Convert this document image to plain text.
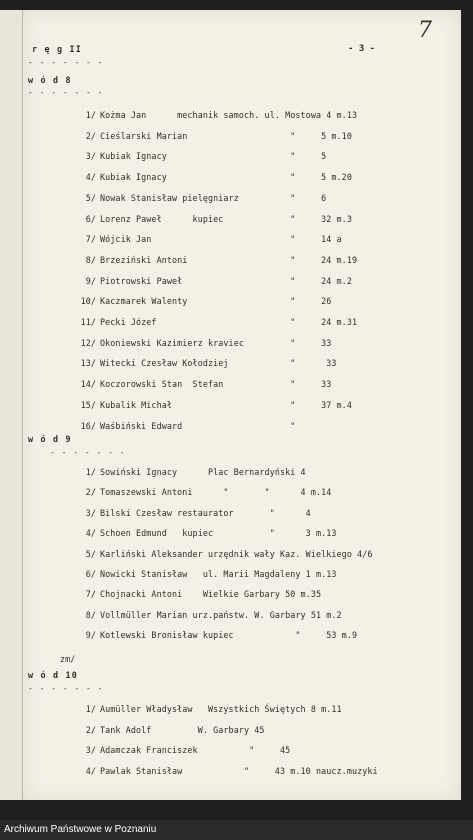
r ę g II	- 3 -
7
- - - - - - -
w ó d 8
- - - - - - -
1/ Kożma Jan      mechanik samoch. ul. Mostowa 4 m.13
2/ Cieślarski Marian                    "     5 m.10
3/ Kubiak Ignacy                        "     5
4/ Kubiak Ignacy                        "     5 m.20
5/ Nowak Stanisław pielęgniarz          "     6
6/ Lorenz Paweł      kupiec             "     32 m.3
7/ Wójcik Jan                           "     14 a
8/ Brzeziński Antoni                    "     24 m.19
9/ Piotrowski Paweł                     "     24 m.2
10/ Kaczmarek Walenty                    "     26
11/ Pecki Józef                          "     24 m.31
12/ Okoniewski Kazimierz kraviec         "     33
13/ Witecki Czesław Kołodziej            "      33
14/ Koczorowski Stan  Stefan             "     33
15/ Kubalik Michał                       "     37 m.4
16/ Waśbiński Edward                     "
w ó d 9
- - - - - - -
1/ Sowiński Ignacy      Plac Bernardyński 4
2/ Tomaszewski Antoni      "       "      4 m.14
3/ Bilski Czesław restaurator       "      4
4/ Schoen Edmund   kupiec           "      3 m.13
5/ Karliński Aleksander urzędnik wały Kaz. Wielkiego 4/6
6/ Nowicki Stanisław   ul. Marii Magdaleny 1 m.13
7/ Chojnacki Antoni    Wielkie Garbary 50 m.35
8/ Vollmüller Marian urz.państw. W. Garbary 51 m.2
9/ Kotlewski Bronisław kupiec            "     53 m.9
zm/
w ó d 10
- - - - - - -
1/ Aumüller Władysław   Wszystkich Świętych 8 m.11
2/ Tank Adolf         W. Garbary 45
3/ Adamczak Franciszek          "     45
4/ Pawlak Stanisław            "     43 m.10 naucz.muzyki
Archiwum Państwowe w Poznaniu
